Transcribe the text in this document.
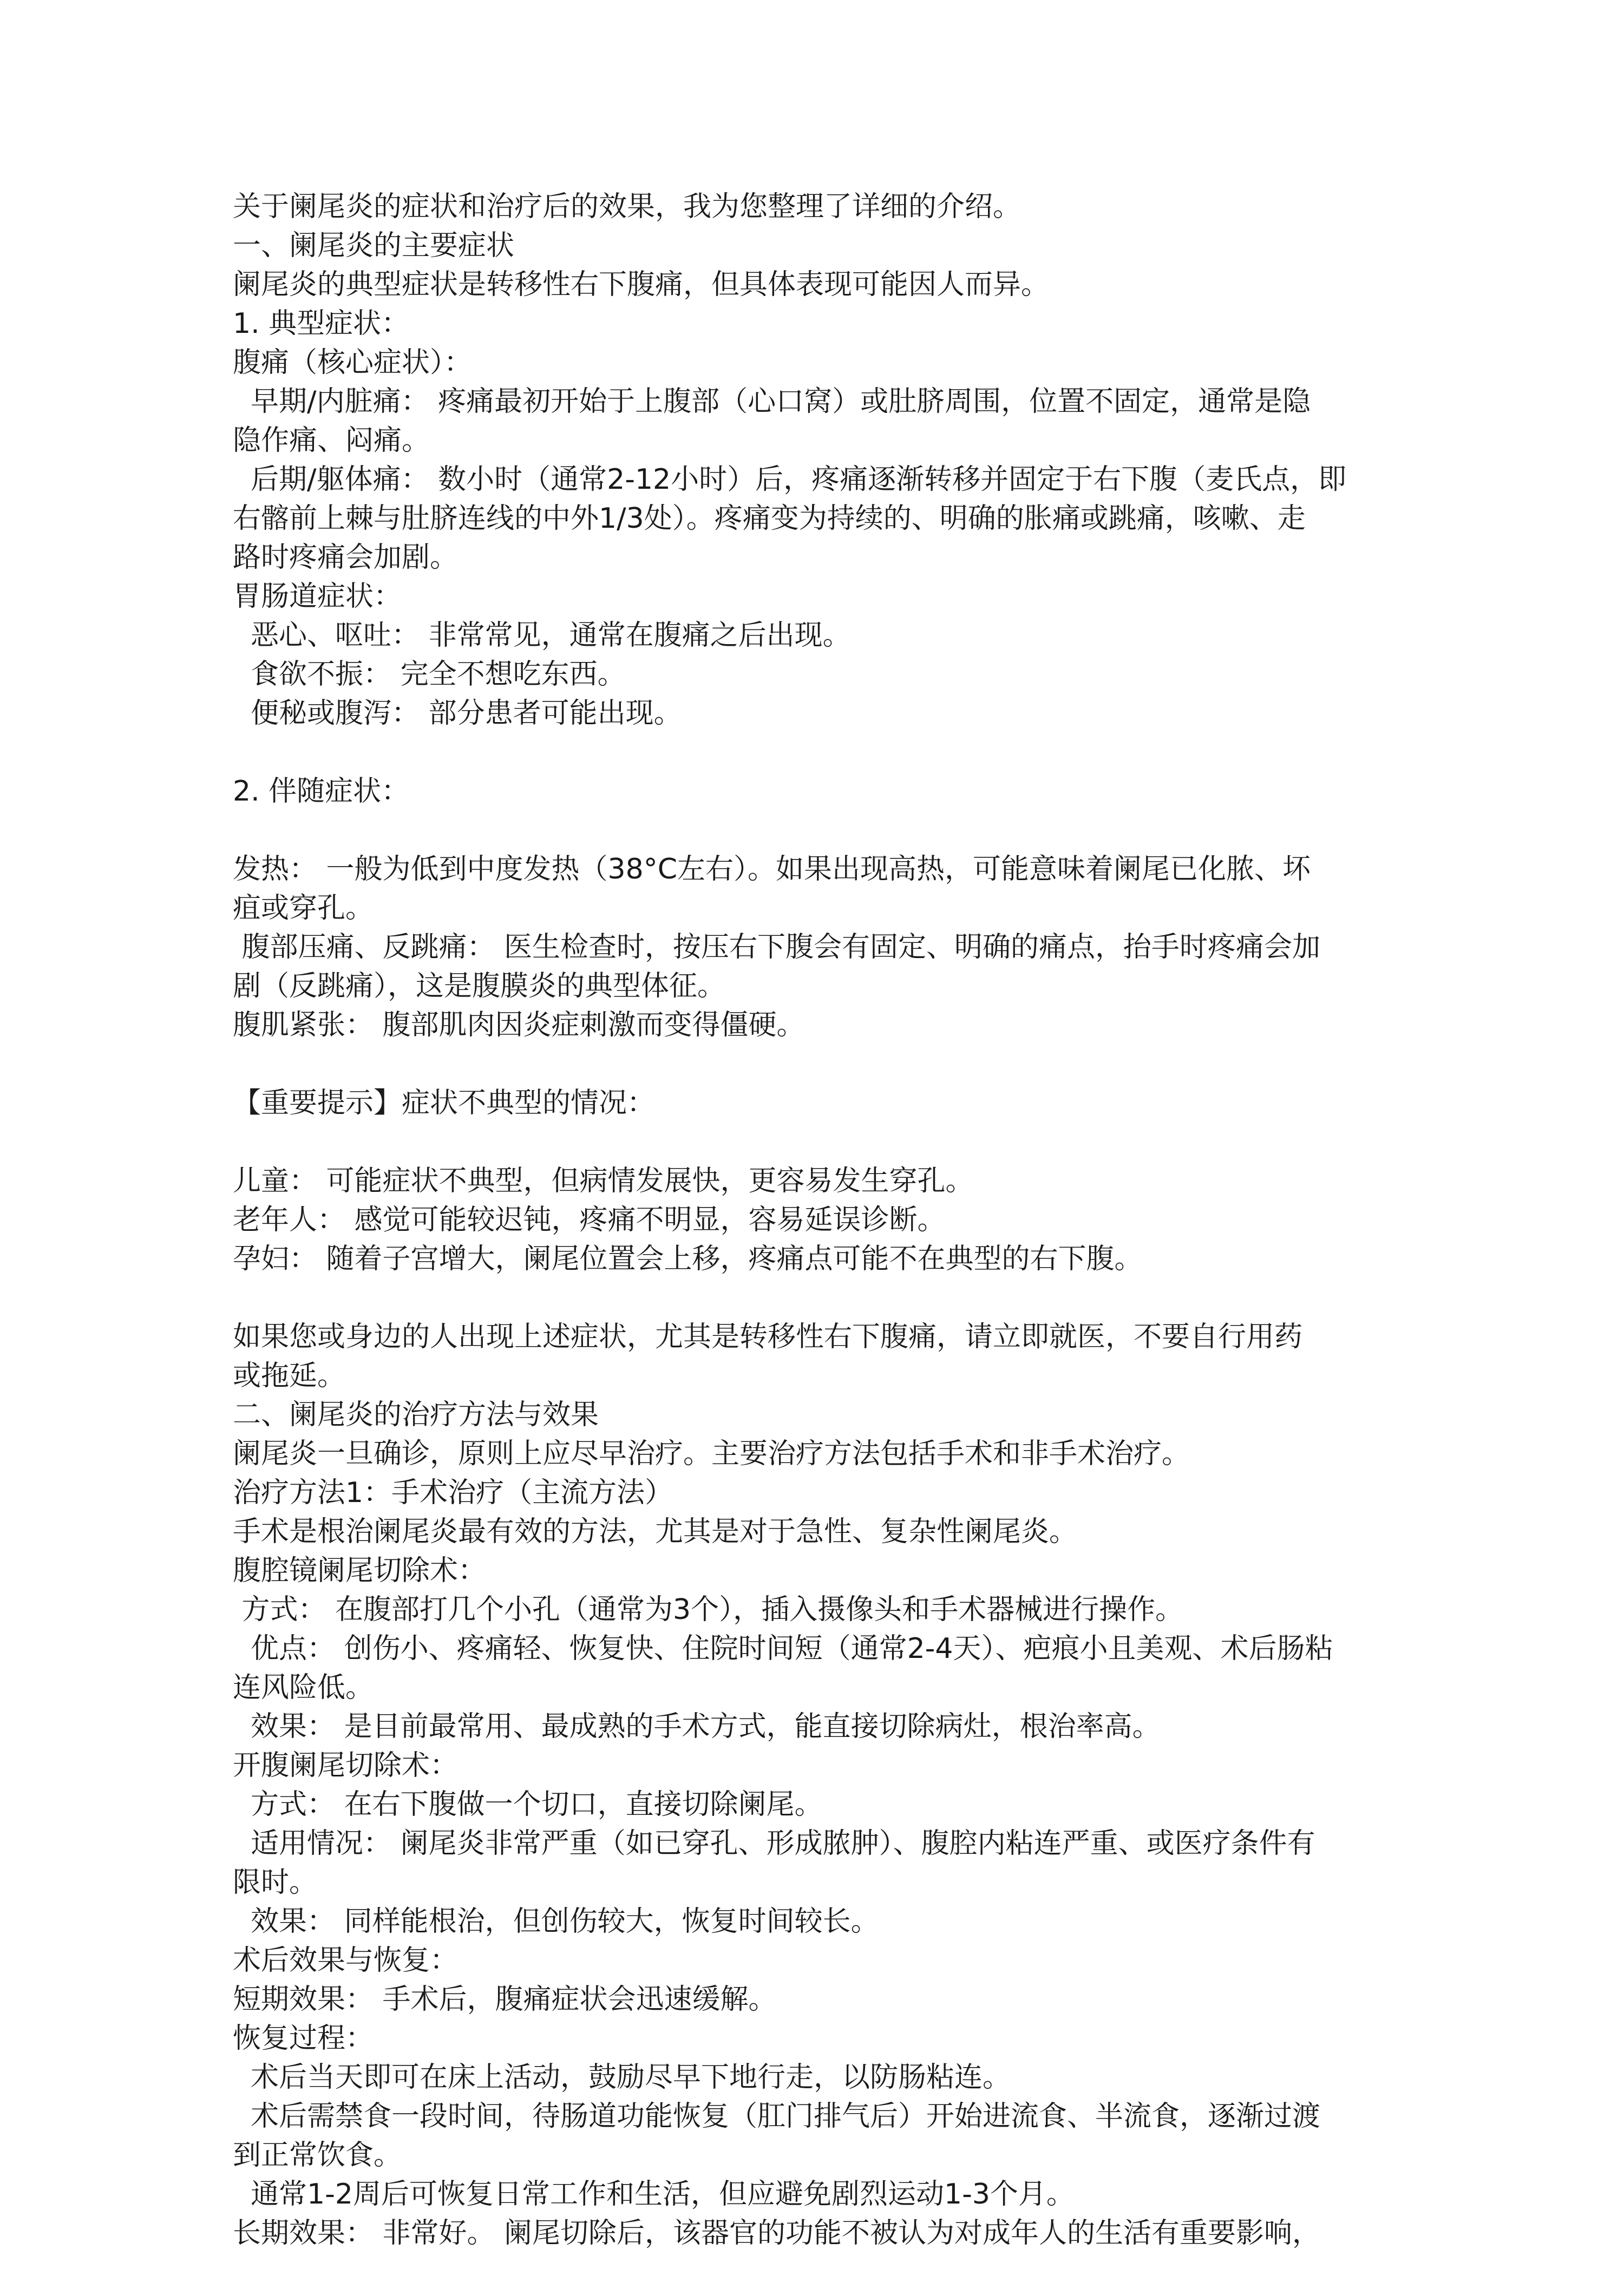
关于阑尾炎的症状和治疗后的效果，我为您整理了详细的介绍。

一、阑尾炎的主要症状

阑尾炎的典型症状是转移性右下腹痛，但具体表现可能因人而异。

1. 典型症状：

腹痛（核心症状）：

早期/内脏痛： 疼痛最初开始于上腹部（心口窝）或肚脐周围，位置不固定，通常是隐

隐作痛、闷痛。

后期/躯体痛： 数小时（通常2-12小时）后，疼痛逐渐转移并固定于右下腹（麦氏点，即

右髂前上棘与肚脐连线的中外1/3处）。疼痛变为持续的、明确的胀痛或跳痛，咳嗽、走

路时疼痛会加剧。

胃肠道症状：

恶心、呕吐： 非常常见，通常在腹痛之后出现。

食欲不振： 完全不想吃东西。

便秘或腹泻： 部分患者可能出现。

2. 伴随症状：

发热： 一般为低到中度发热（38°C左右）。如果出现高热，可能意味着阑尾已化脓、坏

疽或穿孔。

腹部压痛、反跳痛： 医生检查时，按压右下腹会有固定、明确的痛点，抬手时疼痛会加

剧（反跳痛），这是腹膜炎的典型体征。

腹肌紧张： 腹部肌肉因炎症刺激而变得僵硬。

【重要提示】症状不典型的情况：

儿童： 可能症状不典型，但病情发展快，更容易发生穿孔。

老年人： 感觉可能较迟钝，疼痛不明显，容易延误诊断。

孕妇： 随着子宫增大，阑尾位置会上移，疼痛点可能不在典型的右下腹。

如果您或身边的人出现上述症状，尤其是转移性右下腹痛，请立即就医，不要自行用药

或拖延。

二、阑尾炎的治疗方法与效果

阑尾炎一旦确诊，原则上应尽早治疗。主要治疗方法包括手术和非手术治疗。

治疗方法1：手术治疗（主流方法）

手术是根治阑尾炎最有效的方法，尤其是对于急性、复杂性阑尾炎。

腹腔镜阑尾切除术：

方式： 在腹部打几个小孔（通常为3个），插入摄像头和手术器械进行操作。

优点： 创伤小、疼痛轻、恢复快、住院时间短（通常2-4天）、疤痕小且美观、术后肠粘

连风险低。

效果： 是目前最常用、最成熟的手术方式，能直接切除病灶，根治率高。

开腹阑尾切除术：

方式： 在右下腹做一个切口，直接切除阑尾。

适用情况： 阑尾炎非常严重（如已穿孔、形成脓肿）、腹腔内粘连严重、或医疗条件有

限时。

效果： 同样能根治，但创伤较大，恢复时间较长。

术后效果与恢复：

短期效果： 手术后，腹痛症状会迅速缓解。

恢复过程：

术后当天即可在床上活动，鼓励尽早下地行走，以防肠粘连。

术后需禁食一段时间，待肠道功能恢复（肛门排气后）开始进流食、半流食，逐渐过渡

到正常饮食。

通常1-2周后可恢复日常工作和生活，但应避免剧烈运动1-3个月。

长期效果： 非常好。 阑尾切除后，该器官的功能不被认为对成年人的生活有重要影响，
